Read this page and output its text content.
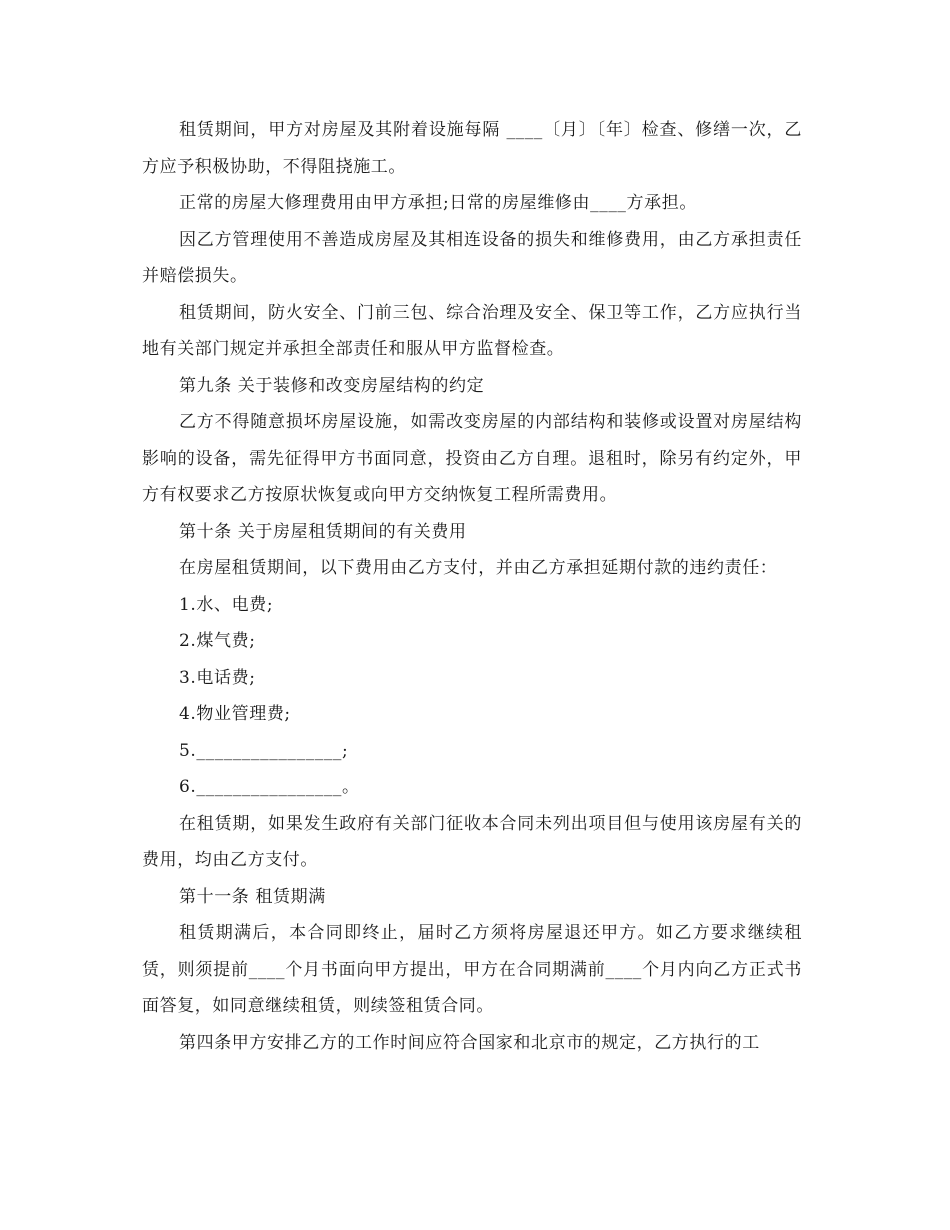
租赁期间，甲方对房屋及其附着设施每隔 ____〔月〕〔年〕检查、修缮一次，乙方应予积极协助，不得阻挠施工。

正常的房屋大修理费用由甲方承担;日常的房屋维修由____方承担。

因乙方管理使用不善造成房屋及其相连设备的损失和维修费用，由乙方承担责任并赔偿损失。

租赁期间，防火安全、门前三包、综合治理及安全、保卫等工作，乙方应执行当地有关部门规定并承担全部责任和服从甲方监督检查。

第九条 关于装修和改变房屋结构的约定

乙方不得随意损坏房屋设施，如需改变房屋的内部结构和装修或设置对房屋结构影响的设备，需先征得甲方书面同意，投资由乙方自理。退租时，除另有约定外，甲方有权要求乙方按原状恢复或向甲方交纳恢复工程所需费用。

第十条 关于房屋租赁期间的有关费用

在房屋租赁期间，以下费用由乙方支付，并由乙方承担延期付款的违约责任：

1.水、电费;

2.煤气费;

3.电话费;

4.物业管理费;

5.________________;

6.________________。

在租赁期，如果发生政府有关部门征收本合同未列出项目但与使用该房屋有关的费用，均由乙方支付。

第十一条 租赁期满

租赁期满后，本合同即终止，届时乙方须将房屋退还甲方。如乙方要求继续租赁，则须提前____个月书面向甲方提出，甲方在合同期满前____个月内向乙方正式书面答复，如同意继续租赁，则续签租赁合同。

第四条甲方安排乙方的工作时间应符合国家和北京市的规定，乙方执行的工
